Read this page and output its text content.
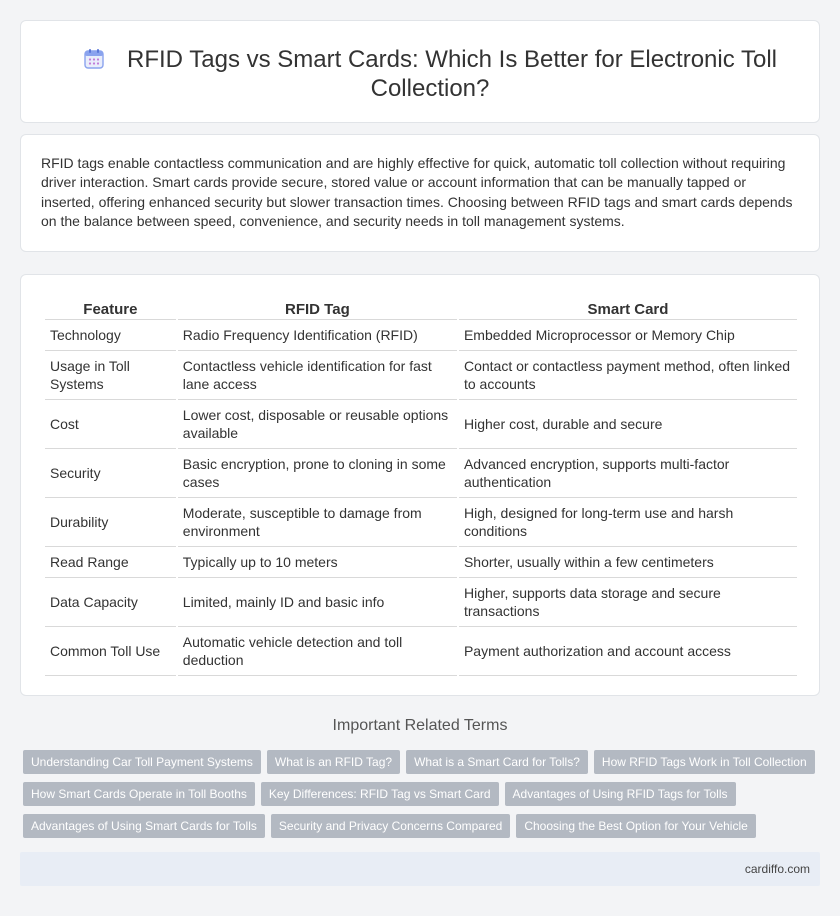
RFID Tags vs Smart Cards: Which Is Better for Electronic Toll Collection?

RFID tags enable contactless communication and are highly effective for quick, automatic toll collection without requiring driver interaction. Smart cards provide secure, stored value or account information that can be manually tapped or inserted, offering enhanced security but slower transaction times. Choosing between RFID tags and smart cards depends on the balance between speed, convenience, and security needs in toll management systems.

Feature	RFID Tag	Smart Card
Technology	Radio Frequency Identification (RFID)	Embedded Microprocessor or Memory Chip
Usage in Toll Systems	Contactless vehicle identification for fast lane access	Contact or contactless payment method, often linked to accounts
Cost	Lower cost, disposable or reusable options available	Higher cost, durable and secure
Security	Basic encryption, prone to cloning in some cases	Advanced encryption, supports multi-factor authentication
Durability	Moderate, susceptible to damage from environment	High, designed for long-term use and harsh conditions
Read Range	Typically up to 10 meters	Shorter, usually within a few centimeters
Data Capacity	Limited, mainly ID and basic info	Higher, supports data storage and secure transactions
Common Toll Use	Automatic vehicle detection and toll deduction	Payment authorization and account access
Important Related Terms
Understanding Car Toll Payment Systems What is an RFID Tag? What is a Smart Card for Tolls? How RFID Tags Work in Toll Collection
How Smart Cards Operate in Toll Booths Key Differences: RFID Tag vs Smart Card Advantages of Using RFID Tags for Tolls
Advantages of Using Smart Cards for Tolls Security and Privacy Concerns Compared Choosing the Best Option for Your Vehicle
cardiffo.com
